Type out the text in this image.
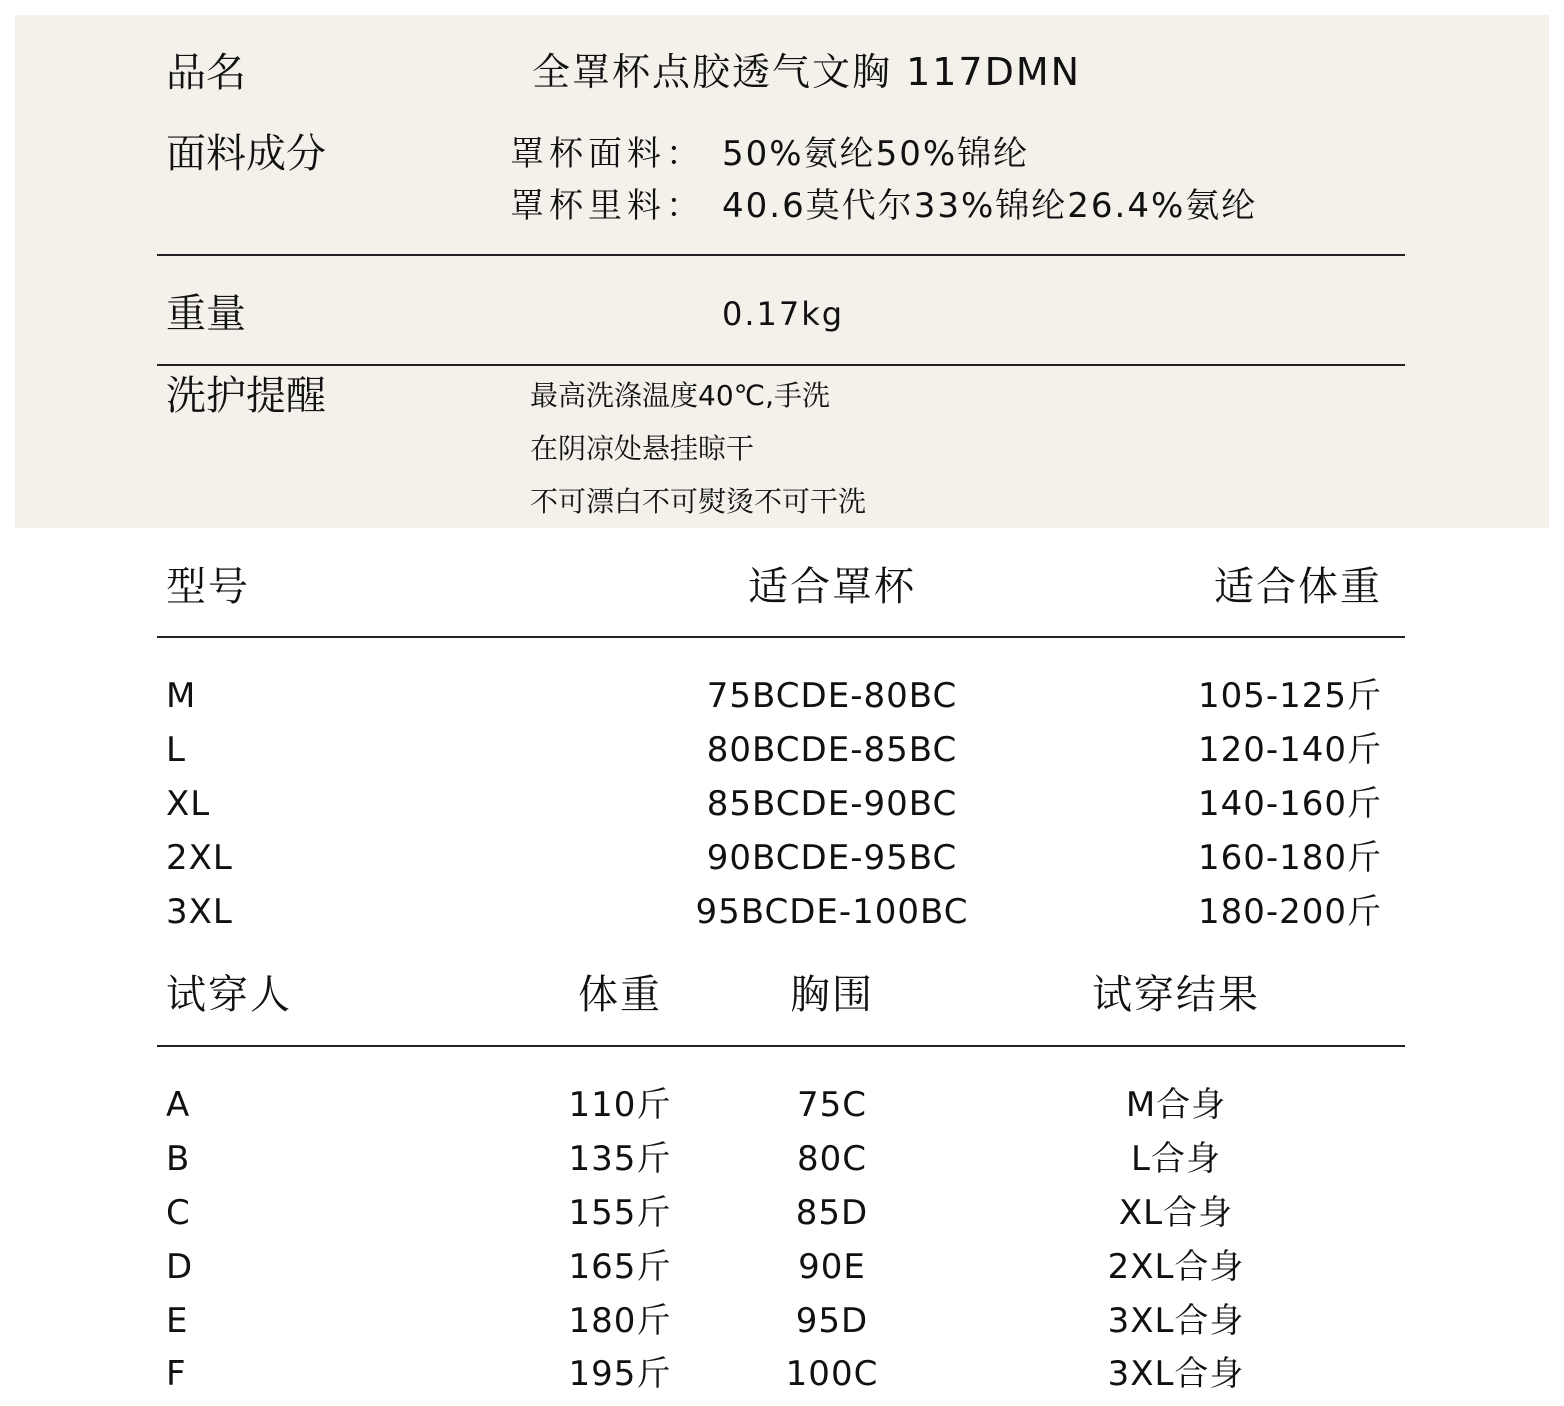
品名	全罩杯点胶透气文胸 117DMN
面料成分	罩杯面料： 50%氨纶50%锦纶
罩杯里料： 40.6莫代尔33%锦纶26.4%氨纶
重量	0.17kg
洗护提醒	最高洗涤温度40℃,手洗
在阴凉处悬挂晾干
不可漂白不可熨烫不可干洗
型号	适合罩杯	适合体重
M	75BCDE-80BC	105-125斤
L	80BCDE-85BC	120-140斤
XL	85BCDE-90BC	140-160斤
2XL	90BCDE-95BC	160-180斤
3XL	95BCDE-100BC	180-200斤
试穿人	体重	胸围	试穿结果
A	110斤	75C	M合身
B	135斤	80C	L合身
C	155斤	85D	XL合身
D	165斤	90E	2XL合身
E	180斤	95D	3XL合身
F	195斤	100C	3XL合身
